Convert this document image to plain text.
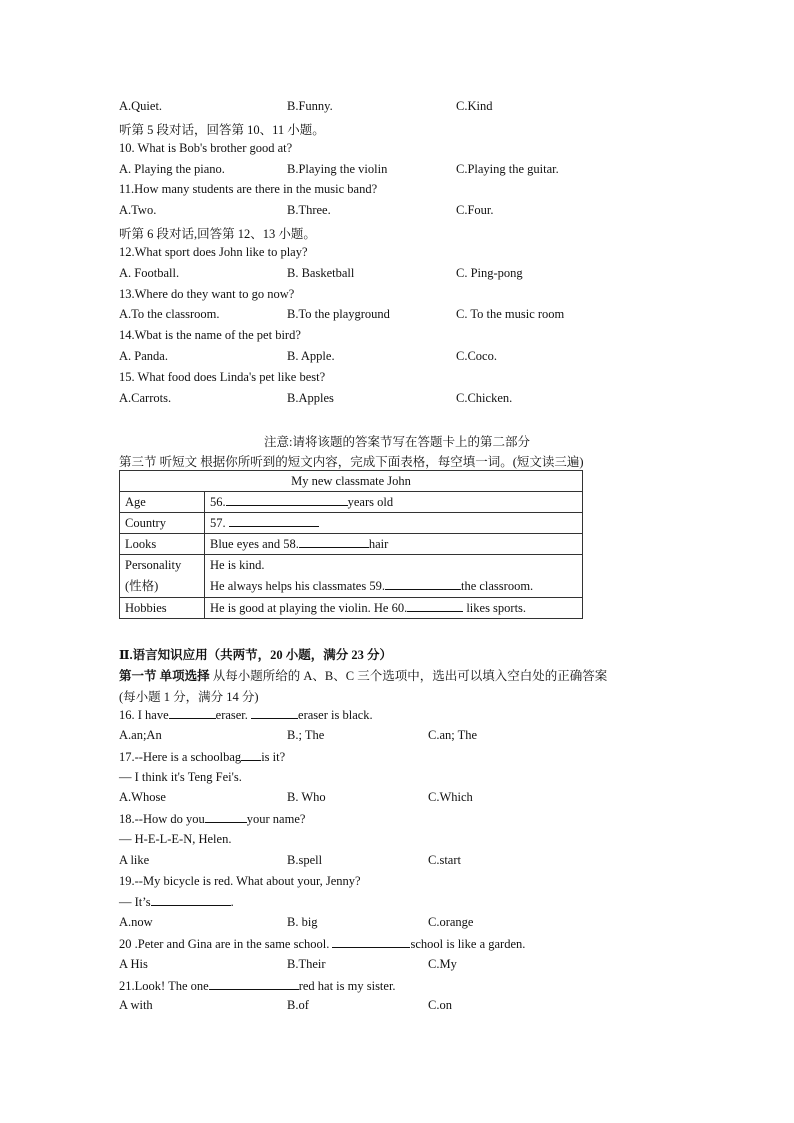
A.Quiet.	B.Funny.	C.Kind
听第 5 段对话，回答第 10、11 小题。
10. What is Bob's brother good at?
A. Playing the piano.	B.Playing the violin	C.Playing the guitar.
11.How many students are there in the music band?
A.Two.	B.Three.	C.Four.
听第 6 段对话,回答第 12、13 小题。
12.What sport does John like to play?
A. Football.	B. Basketball	C. Ping-pong
13.Where do they want to go now?
A.To the classroom.	B.To the playground	C. To the music room
14.Wbat is the name of the pet bird?
A. Panda.	B. Apple.	C.Coco.
15. What food does Linda's pet like best?
A.Carrots.	B.Apples	C.Chicken.
注意:请将该题的答案节写在答题卡上的第二部分
第三节 听短文 根据你所听到的短文内容，完成下面表格，每空填一词。(短文读三遍)
My new classmate John	
Age	56. years old
Country	57.
Looks	Blue eyes and 58. hair
Personality
(性格)	He is kind.
He always helps his classmates 59. the classroom.
Hobbies	He is good at playing the violin. He 60. likes sports.
Ⅱ.语言知识应用（共两节，20 小题，满分 23 分）
第一节 单项选择 从每小题所给的 A、B、C 三个选项中，选出可以填入空白处的正确答案
(每小题 1 分，满分 14 分)
16. I have	eraser.	eraser is black.
A.an;An	B.; The	C.an; The
17.--Here is a schoolbag is it?
— I think it's Teng Fei's.
A.Whose	B. Who	C.Which
18.--How do you	your name?
— H-E-L-E-N, Helen.
A like	B.spell	C.start
19.--My bicycle is red. What about your, Jenny?
— It’s	.
A.now	B. big	C.orange
20 .Peter and Gina are in the same school.	school is like a garden.
A His	B.Their	C.My
21.Look! The one	red hat is my sister.
A with	B.of	C.on
